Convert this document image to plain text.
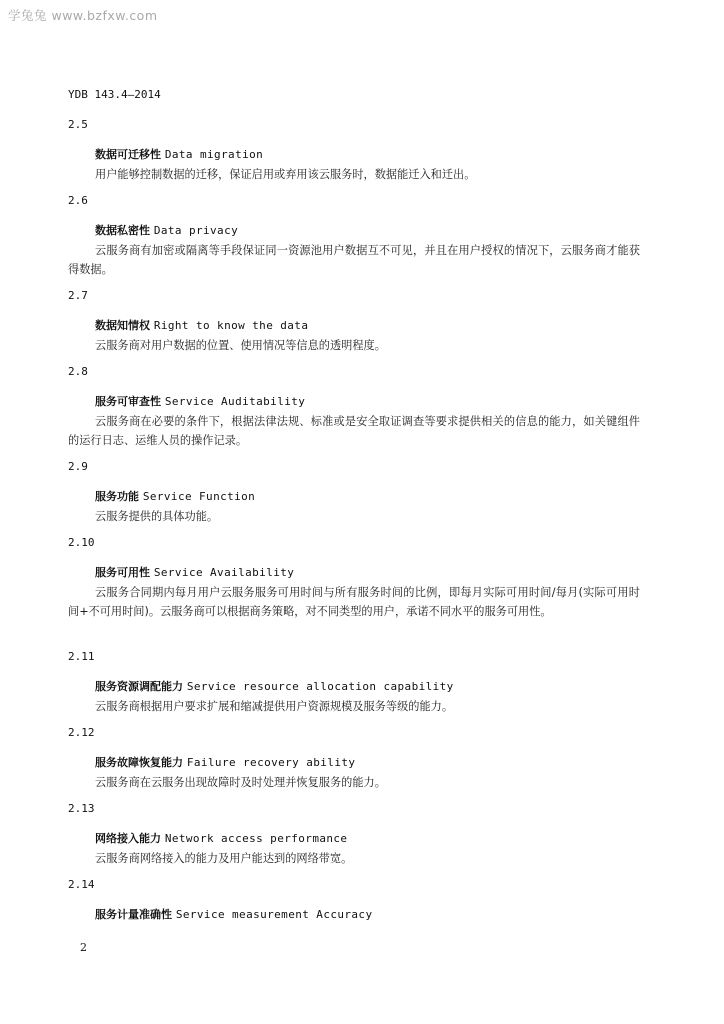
学兔兔 www.bzfxw.com
YDB 143.4—2014
2.5
数据可迁移性 Data migration
用户能够控制数据的迁移，保证启用或弃用该云服务时，数据能迁入和迁出。
2.6
数据私密性 Data privacy
云服务商有加密或隔离等手段保证同一资源池用户数据互不可见，并且在用户授权的情况下，云服务商才能获得数据。
2.7
数据知情权 Right to know the data
云服务商对用户数据的位置、使用情况等信息的透明程度。
2.8
服务可审查性 Service Auditability
云服务商在必要的条件下，根据法律法规、标准或是安全取证调查等要求提供相关的信息的能力，如关键组件的运行日志、运维人员的操作记录。
2.9
服务功能 Service Function
云服务提供的具体功能。
2.10
服务可用性 Service Availability
云服务合同期内每月用户云服务服务可用时间与所有服务时间的比例，即每月实际可用时间/每月(实际可用时间+不可用时间)。云服务商可以根据商务策略，对不同类型的用户，承诺不同水平的服务可用性。
2.11
服务资源调配能力 Service resource allocation capability
云服务商根据用户要求扩展和缩减提供用户资源规模及服务等级的能力。
2.12
服务故障恢复能力 Failure recovery ability
云服务商在云服务出现故障时及时处理并恢复服务的能力。
2.13
网络接入能力 Network access performance
云服务商网络接入的能力及用户能达到的网络带宽。
2.14
服务计量准确性 Service measurement Accuracy
2
